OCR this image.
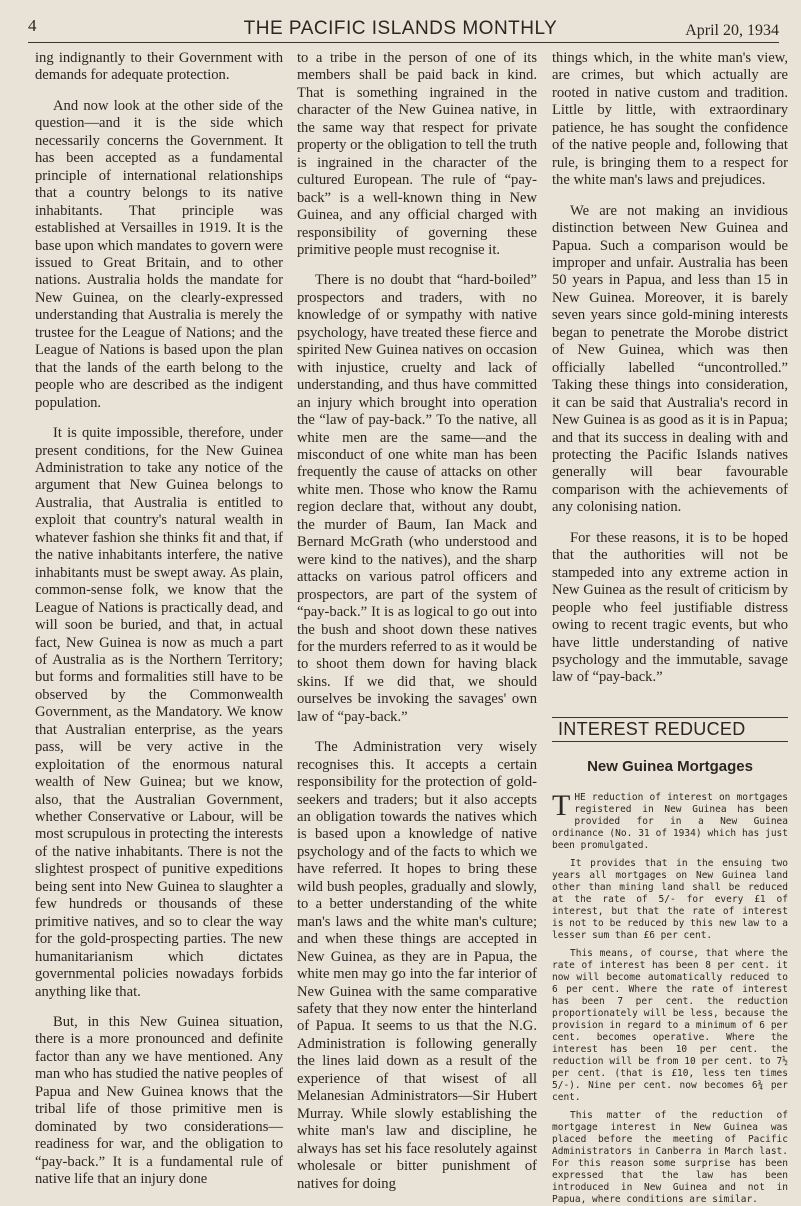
4	THE PACIFIC ISLANDS MONTHLY	April 20, 1934

ing indignantly to their Government with demands for adequate protection.

And now look at the other side of the question—and it is the side which necessarily concerns the Government. It has been accepted as a fundamental principle of international relationships that a country belongs to its native inhabitants. That principle was established at Versailles in 1919. It is the base upon which mandates to govern were issued to Great Britain, and to other nations. Australia holds the mandate for New Guinea, on the clearly-expressed understanding that Australia is merely the trustee for the League of Nations; and the League of Nations is based upon the plan that the lands of the earth belong to the people who are described as the indigent population.

It is quite impossible, therefore, under present conditions, for the New Guinea Administration to take any notice of the argument that New Guinea belongs to Australia, that Australia is entitled to exploit that country's natural wealth in whatever fashion she thinks fit and that, if the native inhabitants interfere, the native inhabitants must be swept away. As plain, common-sense folk, we know that the League of Nations is practically dead, and will soon be buried, and that, in actual fact, New Guinea is now as much a part of Australia as is the Northern Territory; but forms and formalities still have to be observed by the Commonwealth Government, as the Mandatory. We know that Australian enterprise, as the years pass, will be very active in the exploitation of the enormous natural wealth of New Guinea; but we know, also, that the Australian Government, whether Conservative or Labour, will be most scrupulous in protecting the interests of the native inhabitants. There is not the slightest prospect of punitive expeditions being sent into New Guinea to slaughter a few hundreds or thousands of these primitive natives, and so to clear the way for the gold-prospecting parties. The new humanitarianism which dictates governmental policies nowadays forbids anything like that.

But, in this New Guinea situation, there is a more pronounced and definite factor than any we have mentioned. Any man who has studied the native peoples of Papua and New Guinea knows that the tribal life of those primitive men is dominated by two considerations—readiness for war, and the obligation to “pay-back.” It is a fundamental rule of native life that an injury done

to a tribe in the person of one of its members shall be paid back in kind. That is something ingrained in the character of the New Guinea native, in the same way that respect for private property or the obligation to tell the truth is ingrained in the character of the cultured European. The rule of “pay-back” is a well-known thing in New Guinea, and any official charged with responsibility of governing these primitive people must recognise it.

There is no doubt that “hard-boiled” prospectors and traders, with no knowledge of or sympathy with native psychology, have treated these fierce and spirited New Guinea natives on occasion with injustice, cruelty and lack of understanding, and thus have committed an injury which brought into operation the “law of pay-back.” To the native, all white men are the same—and the misconduct of one white man has been frequently the cause of attacks on other white men. Those who know the Ramu region declare that, without any doubt, the murder of Baum, Ian Mack and Bernard McGrath (who understood and were kind to the natives), and the sharp attacks on various patrol officers and prospectors, are part of the system of “pay-back.” It is as logical to go out into the bush and shoot down these natives for the murders referred to as it would be to shoot them down for having black skins. If we did that, we should ourselves be invoking the savages' own law of “pay-back.”

The Administration very wisely recognises this. It accepts a certain responsibility for the protection of gold-seekers and traders; but it also accepts an obligation towards the natives which is based upon a knowledge of native psychology and of the facts to which we have referred. It hopes to bring these wild bush peoples, gradually and slowly, to a better understanding of the white man's laws and the white man's culture; and when these things are accepted in New Guinea, as they are in Papua, the white men may go into the far interior of New Guinea with the same comparative safety that they now enter the hinterland of Papua. It seems to us that the N.G. Administration is following generally the lines laid down as a result of the experience of that wisest of all Melanesian Administrators—Sir Hubert Murray. While slowly establishing the white man's law and discipline, he always has set his face resolutely against wholesale or bitter punishment of natives for doing

things which, in the white man's view, are crimes, but which actually are rooted in native custom and tradition. Little by little, with extraordinary patience, he has sought the confidence of the native people and, following that rule, is bringing them to a respect for the white man's laws and prejudices.

We are not making an invidious distinction between New Guinea and Papua. Such a comparison would be improper and unfair. Australia has been 50 years in Papua, and less than 15 in New Guinea. Moreover, it is barely seven years since gold-mining interests began to penetrate the Morobe district of New Guinea, which was then officially labelled “uncontrolled.” Taking these things into consideration, it can be said that Australia's record in New Guinea is as good as it is in Papua; and that its success in dealing with and protecting the Pacific Islands natives generally will bear favourable comparison with the achievements of any colonising nation.

For these reasons, it is to be hoped that the authorities will not be stampeded into any extreme action in New Guinea as the result of criticism by people who feel justifiable distress owing to recent tragic events, but who have little understanding of native psychology and the immutable, savage law of “pay-back.”

INTEREST REDUCED
New Guinea Mortgages

THE reduction of interest on mortgages registered in New Guinea has been provided for in a New Guinea ordinance (No. 31 of 1934) which has just been promulgated.

It provides that in the ensuing two years all mortgages on New Guinea land other than mining land shall be reduced at the rate of 5/- for every £1 of interest, but that the rate of interest is not to be reduced by this new law to a lesser sum than £6 per cent.

This means, of course, that where the rate of interest has been 8 per cent. it now will become automatically reduced to 6 per cent. Where the rate of interest has been 7 per cent. the reduction proportionately will be less, because the provision in regard to a minimum of 6 per cent. becomes operative. Where the interest has been 10 per cent. the reduction will be from 10 per cent. to 7½ per cent. (that is £10, less ten times 5/-). Nine per cent. now becomes 6¾ per cent.

This matter of the reduction of mortgage interest in New Guinea was placed before the meeting of Pacific Administrators in Canberra in March last. For this reason some surprise has been expressed that the law has been introduced in New Guinea and not in Papua, where conditions are similar.
